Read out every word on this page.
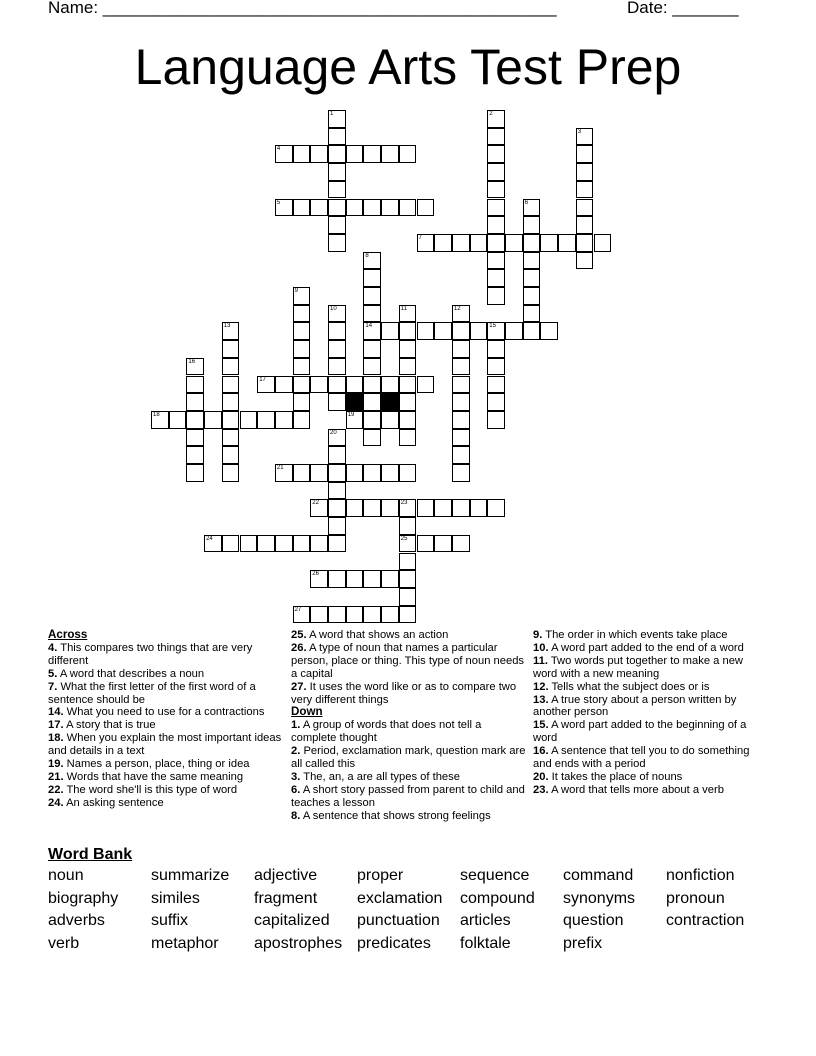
Name: ________________________________________________	Date: _______
Language Arts Test Prep
1	2
3
4
5	6
7
8
14
9
10	11	12
13	15
16
17
18	19
20
21
22	23
25
24
26
27
Across
4. This compares two things that are very different
5. A word that describes a noun
7. What the first letter of the first word of a sentence should be
14. What you need to use for a contractions
17. A story that is true
18. When you explain the most important ideas and details in a text
19. Names a person, place, thing or idea
21. Words that have the same meaning
22. The word she'll is this type of word
24. An asking sentence
25. A word that shows an action
26. A type of noun that names a particular person, place or thing. This type of noun needs a capital
27. It uses the word like or as to compare two very different things
Down
1. A group of words that does not tell a complete thought
2. Period, exclamation mark, question mark are all called this
3. The, an, a are all types of these
6. A short story passed from parent to child and teaches a lesson
8. A sentence that shows strong feelings
9. The order in which events take place
10. A word part added to the end of a word
11. Two words put together to make a new word with a new meaning
12. Tells what the subject does or is
13. A true story about a person written by another person
15. A word part added to the beginning of a word
16. A sentence that tell you to do something and ends with a period
20. It takes the place of nouns
23. A word that tells more about a verb
Word Bank
noun	summarize adjective proper	sequence command nonfiction
biography similes	fragment exclamation compound synonyms pronoun
adverbs	suffix	capitalized punctuation articles	question	contraction
verb	metaphor apostrophes predicates folktale	prefix
